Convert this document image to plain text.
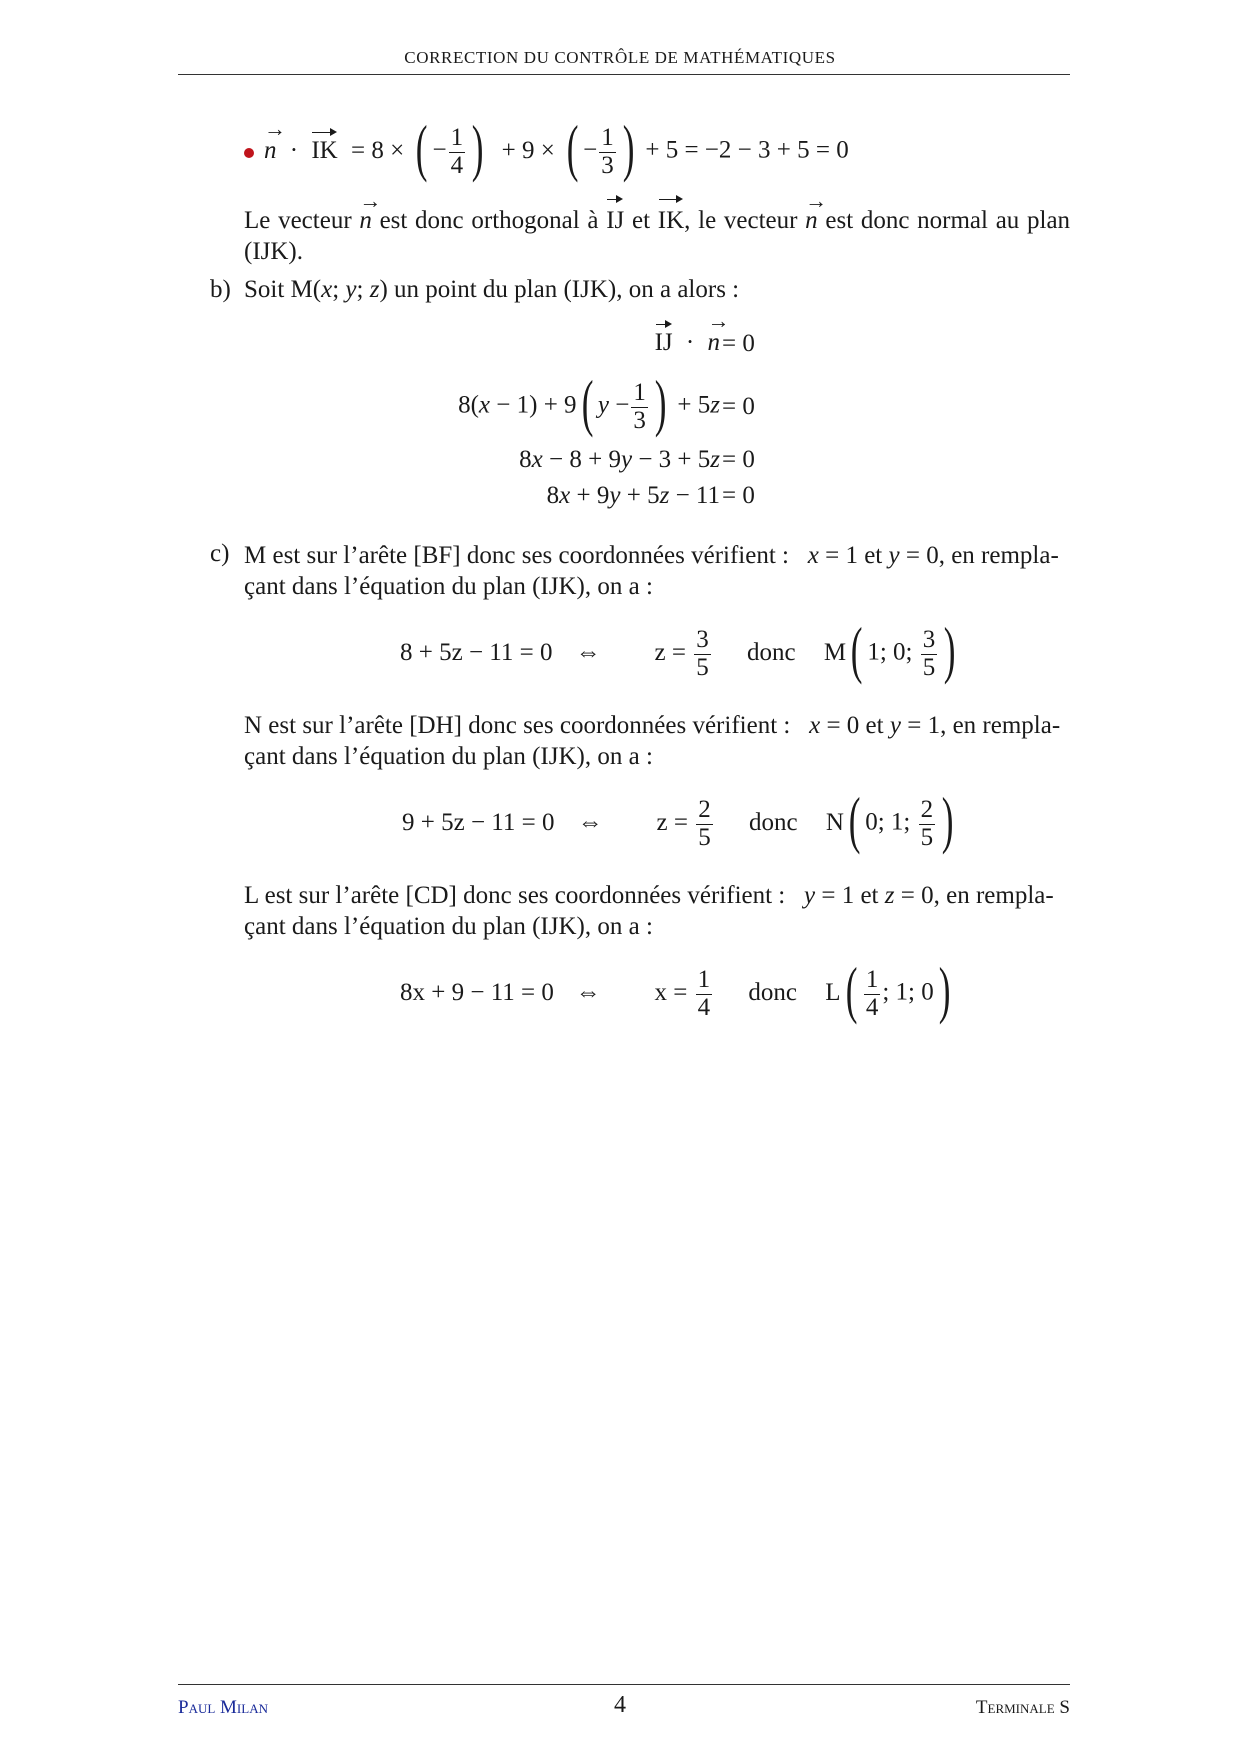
CORRECTION DU CONTRÔLE DE MATHÉMATIQUES
→ n · IK = 8 × ( − $\frac{1}{4}$ ) + 9 × ( − $\frac{1}{3}$ ) + 5 = −2 − 3 + 5 = 0
Le vecteur → n est donc orthogonal à IJ et IK, le vecteur → n est donc normal au plan (IJK).
b) Soit M(x; y; z) un point du plan (IJK), on a alors :
IJ · → n = 0
8(x − 1) + 9( $y - \frac{1}{3}$ ) + 5z = 0
8x − 8 + 9y − 3 + 5z = 0
8x + 9y + 5z − 11 = 0
c) M est sur l’arête [BF] donc ses coordonnées vérifient : x = 1 et y = 0, en rempla-
çant dans l’équation du plan (IJK), on a :
8 + 5z − 11 = 0 ⇔ $z = \frac{3}{5}$ donc M( 1; 0; $\frac{3}{5}$ )
N est sur l’arête [DH] donc ses coordonnées vérifient : x = 0 et y = 1, en rempla-
çant dans l’équation du plan (IJK), on a :
9 + 5z − 11 = 0 ⇔ $z = \frac{2}{5}$ donc N( 0; 1; $\frac{2}{5}$ )
L est sur l’arête [CD] donc ses coordonnées vérifient : y = 1 et z = 0, en rempla-
çant dans l’équation du plan (IJK), on a :
8x + 9 − 11 = 0 ⇔ $x = \frac{1}{4}$ donc $L( \frac{1}{4}$ ; 1; 0)
Paul Milan	4	Terminale S
